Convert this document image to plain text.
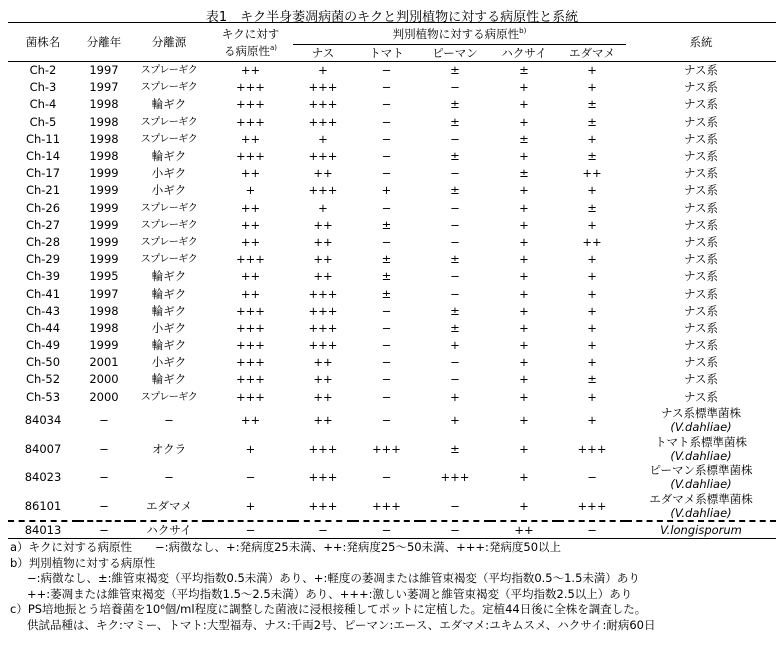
表1　キク半身萎凋病菌のキクと判別植物に対する病原性と系統
菌株名	分離年	分離源	キクに対す
る病原性$^{a)}$	判別植物に対する病原性$^{b)}$					系統
				ナス	トマト	ピーマン	ハクサイ	エダマメ	
Ch-2	1997	スプレーギク	++	+	−	±	±	+	ナス系
Ch-3	1997	スプレーギク	+++	+++	−	−	+	+	ナス系
Ch-4	1998	輪ギク	+++	+++	−	±	+	±	ナス系
Ch-5	1998	スプレーギク	+++	+++	−	±	+	±	ナス系
Ch-11	1998	スプレーギク	++	+	−	−	±	+	ナス系
Ch-14	1998	輪ギク	+++	+++	−	±	+	±	ナス系
Ch-17	1999	小ギク	++	++	−	−	±	++	ナス系
Ch-21	1999	小ギク	+	+++	+	±	+	+	ナス系
Ch-26	1999	スプレーギク	++	+	−	−	+	±	ナス系
Ch-27	1999	スプレーギク	++	++	±	−	+	+	ナス系
Ch-28	1999	スプレーギク	++	++	−	−	+	++	ナス系
Ch-29	1999	スプレーギク	+++	++	±	±	+	+	ナス系
Ch-39	1995	輪ギク	++	++	±	−	+	+	ナス系
Ch-41	1997	輪ギク	++	+++	±	−	+	+	ナス系
Ch-43	1998	輪ギク	+++	+++	−	±	+	+	ナス系
Ch-44	1998	小ギク	+++	+++	−	±	+	+	ナス系
Ch-49	1999	輪ギク	+++	+++	−	+	+	+	ナス系
Ch-50	2001	小ギク	+++	++	−	−	+	+	ナス系
Ch-52	2000	輪ギク	+++	++	−	−	+	±	ナス系
Ch-53	2000	スプレーギク	+++	++	−	+	+	+	ナス系
84034	−	−	++	++	−	+	+	+	ナス系標準菌株
(V.dahliae)
84007	−	オクラ	+	+++	+++	±	+	+++	トマト系標準菌株
(V.dahliae)
84023	−	−	−	+++	−	+++	+	−	ピーマン系標準菌株
(V.dahliae)
86101	−	エダマメ	+	+++	+++	−	+	+++	エダマメ系標準菌株
(V.dahliae)
84013	−	ハクサイ	−	−	−	−	++	−	V.longisporum
a）キクに対する病原性　　−:病徴なし、+:発病度25未満、++:発病度25〜50未満、+++:発病度50以上
b）判別植物に対する病原性
−:病徴なし、±:維管束褐変（平均指数0.5未満）あり、+:軽度の萎凋または維管束褐変（平均指数0.5〜1.5未満）あり
++:萎凋または維管束褐変（平均指数1.5〜2.5未満）あり、+++:激しい萎凋と維管束褐変（平均指数2.5以上）あり
c）PS培地振とう培養菌を10⁶個/ml程度に調整した菌液に浸根接種してポットに定植した。定植44日後に全株を調査した。
供試品種は、キク:マミー、トマト:大型福寿、ナス:千両2号、ピーマン:エース、エダマメ:ユキムスメ、ハクサイ:耐病60日
